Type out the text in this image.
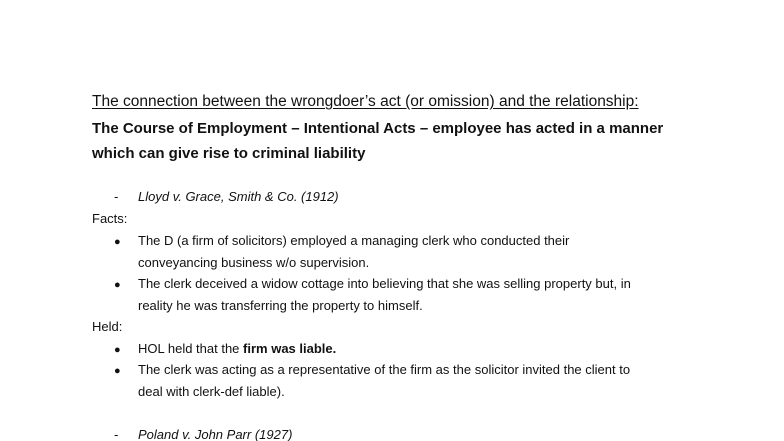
The connection between the wrongdoer’s act (or omission) and the relationship:
The Course of Employment – Intentional Acts – employee has acted in a manner
which can give rise to criminal liability
- Lloyd v. Grace, Smith & Co. (1912)
Facts:
● The D (a firm of solicitors) employed a managing clerk who conducted their
conveyancing business w/o supervision.
● The clerk deceived a widow cottage into believing that she was selling property but, in
reality he was transferring the property to himself.
Held:
● HOL held that the firm was liable.
● The clerk was acting as a representative of the firm as the solicitor invited the client to
deal with clerk-def liable).
- Poland v. John Parr (1927)
